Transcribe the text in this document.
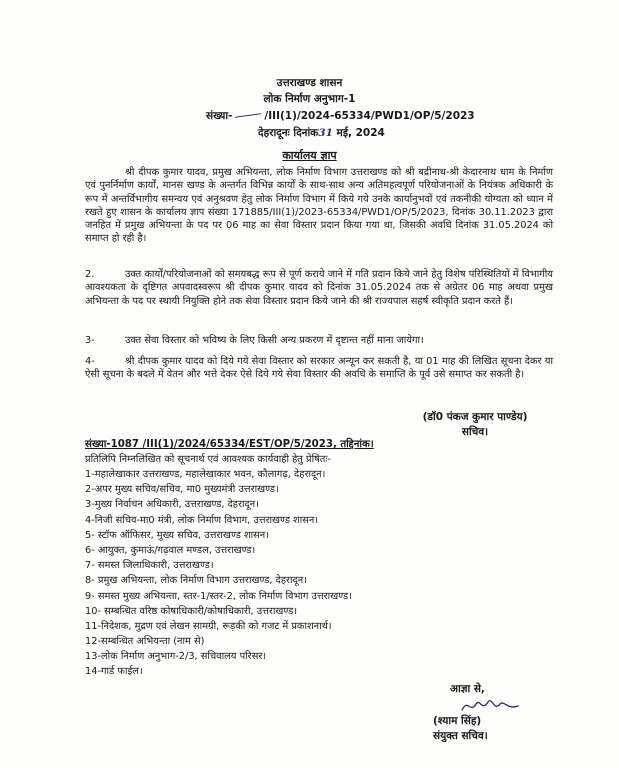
उत्तराखण्ड शासन
लोक निर्माण अनुभाग-1
संख्या-	/III(1)/2024-65334/PWD1/OP/5/2023
देहरादूनः दिनांक31 मई, 2024
कार्यालय ज्ञाप
श्री दीपक कुमार यादव, प्रमुख अभियन्ता, लोक निर्माण विभाग उत्तराखण्ड को श्री बद्रीनाथ-श्री केदारनाथ धाम के निर्माण एवं पुनर्निर्माण कार्यों, मानस खण्ड के अन्तर्गत विभिन्न कार्यों के साथ-साथ अन्य अतिमहत्वपूर्ण परियोजनाओं के नियंत्रक अधिकारी के रूप में अन्तर्विभागीय समन्वय एवं अनुश्रवण हेतु लोक निर्माण विभाग में किये गये उनके कार्यानुभवों एवं तकनीकी योग्यता को ध्यान में रखते हुए शासन के कार्यालय ज्ञाप संख्या 171885/III(1)/2023-65334/PWD1/OP/5/2023, दिनांक 30.11.2023 द्वारा जनहित में प्रमुख अभियन्ता के पद पर 06 माह का सेवा विस्तार प्रदान किया गया था, जिसकी अवधि दिनांक 31.05.2024 को समाप्त हो रही है।
2.	उक्त कार्यों/परियोजनाओं को समयबद्ध रूप से पूर्ण कराये जाने में गति प्रदान किये जाने हेतु विशेष परिस्थितियों में विभागीय आवश्यकता के दृष्टिगत अपवादस्वरूप श्री दीपक कुमार यादव को दिनांक 31.05.2024 तक से अग्रेतर 06 माह अथवा प्रमुख अभियन्ता के पद पर स्थायी नियुक्ति होने तक सेवा विस्तार प्रदान किये जाने की श्री राज्यपाल सहर्ष स्वीकृति प्रदान करते हैं।
3-	उक्त सेवा विस्तार को भविष्य के लिए किसी अन्य प्रकरण में दृष्टान्त नहीं माना जायेगा।
4-	श्री दीपक कुमार यादव को दिये गये सेवा विस्तार को सरकार अन्यून कर सकती है, या 01 माह की लिखित सूचना देकर या ऐसी सूचना के बदले में वेतन और भत्ते देकर ऐसे दिये गये सेवा विस्तार की अवधि के समाप्ति के पूर्व उसे समाप्त कर सकती है।
(डॉ0 पंकज कुमार पाण्डेय)
सचिव।
संख्या-1087 /III(1)/2024/65334/EST/OP/5/2023, तद्दिनांक।
प्रतिलिपि निम्नलिखित को सूचनार्थ एवं आवश्यक कार्यवाही हेतु प्रेषितः-
1-महालेखाकार उत्तराखण्ड, महालेखाकार भवन, कौलागढ़, देहरादून।
2-अपर मुख्य सचिव/सचिव, मा0 मुख्यमंत्री उत्तराखण्ड।
3-मुख्य निर्वाचन अधिकारी, उत्तराखण्ड, देहरादून।
4-निजी सचिव-मा0 मंत्री, लोक निर्माण विभाग, उत्तराखण्ड शासन।
5- स्टॉफ ऑफिसर, मुख्य सचिव, उत्तराखण्ड शासन।
6- आयुक्त, कुमाऊं/गढ़वाल मण्डल, उत्तराखण्ड।
7- समस्त जिलाधिकारी, उत्तराखण्ड।
8- प्रमुख अभियन्ता, लोक निर्माण विभाग उत्तराखण्ड, देहरादून।
9- समस्त मुख्य अभियन्ता, स्तर-1/स्तर-2, लोक निर्माण विभाग उत्तराखण्ड।
10- सम्बन्धित वरिष्ठ कोषाधिकारी/कोषाधिकारी, उत्तराखण्ड।
11-निदेशक, मुद्रण एवं लेखन सामग्री, रूड़की को गजट में प्रकाशनार्थ।
12-सम्बन्धित अभियन्ता (नाम से)
13-लोक निर्माण अनुभाग-2/3, सचिवालय परिसर।
14-गार्ड फाईल।
आज्ञा से,
(श्याम सिंह)
संयुक्त सचिव।
